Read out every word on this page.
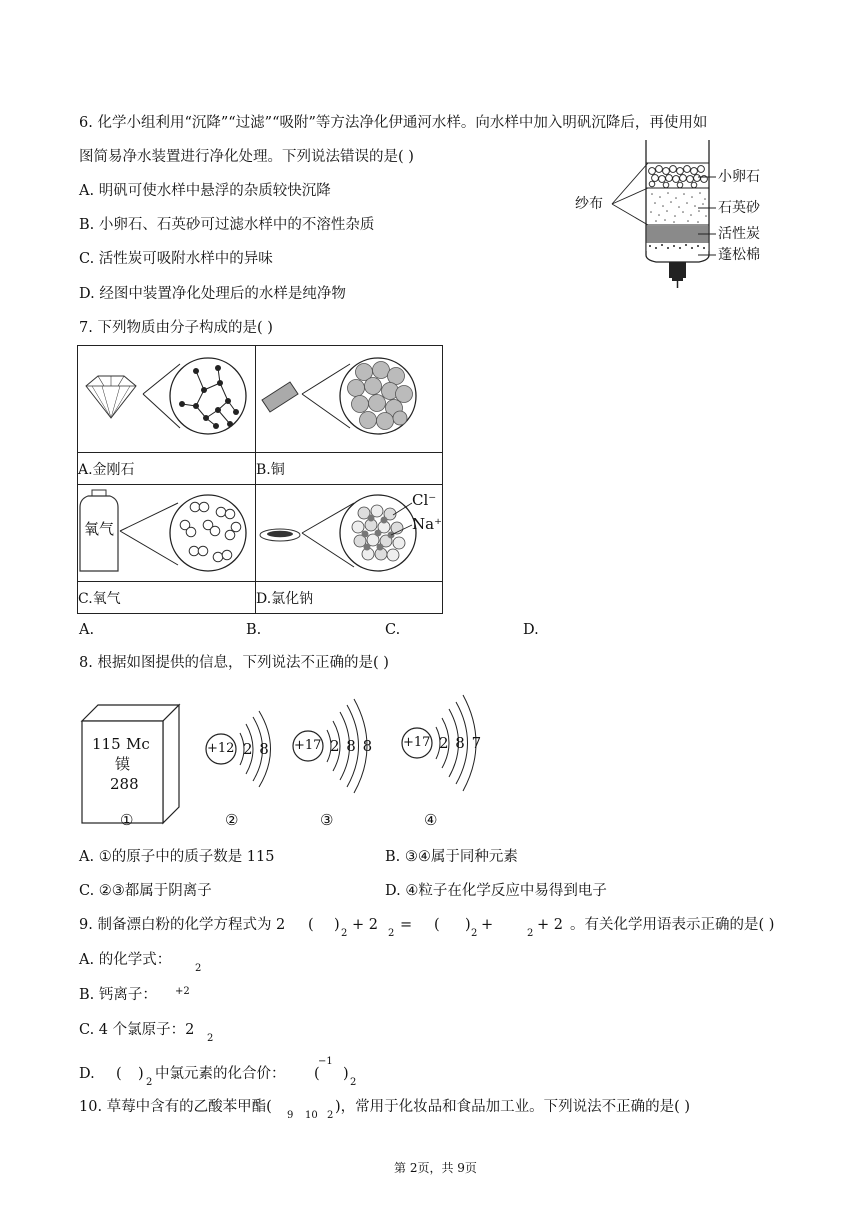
6. 化学小组利用“沉降”“过滤”“吸附”等方法净化伊通河水样。向水样中加入明矾沉降后，再使用如
图简易净水装置进行净化处理。下列说法错误的是( )
A. 明矾可使水样中悬浮的杂质较快沉降
B. 小卵石、石英砂可过滤水样中的不溶性杂质
C. 活性炭可吸附水样中的异味
D. 经图中装置净化处理后的水样是纯净物
纱布
小卵石
石英砂
活性炭
蓬松棉
7. 下列物质由分子构成的是( )

A.金刚石	B.铜

氧气	Cl⁻
Na⁺

C.氧气	D.氯化钠
A.	B.	C.	D.
8. 根据如图提供的信息，下列说法不正确的是( )
115 Mc
镆
288
+12 2 8 +17 2 8 8 +17 2 8 7
①	②	③	④
A. ①的原子中的质子数是 115	B. ③④属于同种元素
C. ②③都属于阴离子	D. ④粒子在化学反应中易得到电子
9. 制备漂白粉的化学方程式为 2 ( )
2
+ 2
2
= ( )
2
+
2
+ 2 。有关化学用语表示正确的是( )
A. 的化学式：
2
B. 钙离子： +2
C. 4 个氯原子：2
2
D. ( )
2
中氯元素的化合价： (
−1
)
2
10. 草莓中含有的乙酸苯甲酯(
9 10 2
)，常用于化妆品和食品加工业。下列说法不正确的是( )
第 2页，共 9页
